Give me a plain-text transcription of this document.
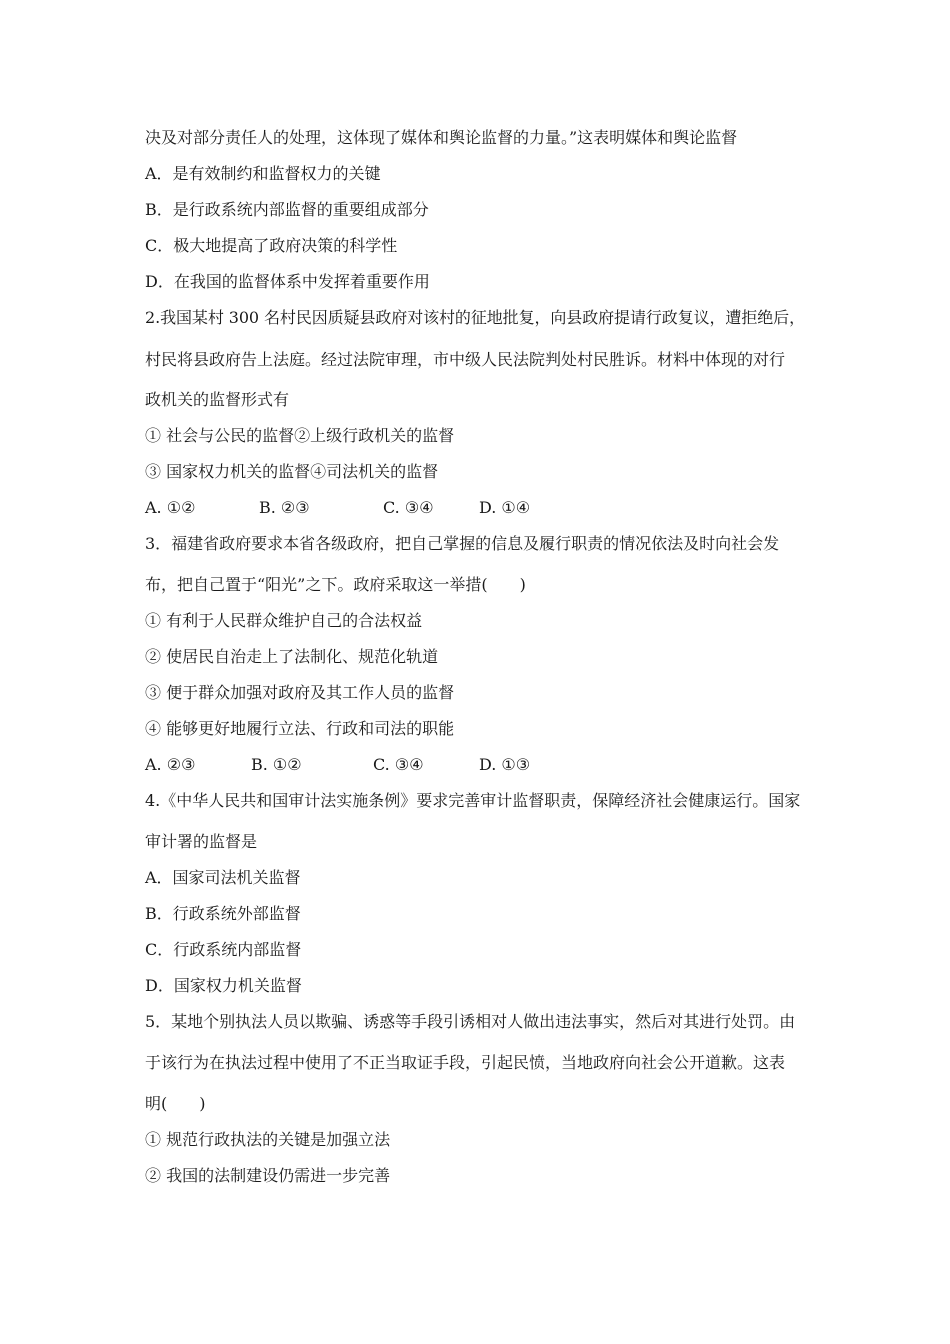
决及对部分责任人的处理，这体现了媒体和舆论监督的力量。”这表明媒体和舆论监督
A．是有效制约和监督权力的关键
B．是行政系统内部监督的重要组成部分
C．极大地提高了政府决策的科学性
D．在我国的监督体系中发挥着重要作用
2.我国某村 300 名村民因质疑县政府对该村的征地批复，向县政府提请行政复议，遭拒绝后，
村民将县政府告上法庭。经过法院审理，市中级人民法院判处村民胜诉。材料中体现的对行
政机关的监督形式有
① 社会与公民的监督②上级行政机关的监督
③ 国家权力机关的监督④司法机关的监督
A. ①②	B. ②③	C. ③④	D. ①④
3．福建省政府要求本省各级政府，把自己掌握的信息及履行职责的情况依法及时向社会发
布，把自己置于“阳光”之下。政府采取这一举措(　　)
① 有利于人民群众维护自己的合法权益
② 使居民自治走上了法制化、规范化轨道
③ 便于群众加强对政府及其工作人员的监督
④ 能够更好地履行立法、行政和司法的职能
A. ②③	B. ①②	C. ③④	D. ①③
4.《中华人民共和国审计法实施条例》要求完善审计监督职责，保障经济社会健康运行。国家
审计署的监督是
A．国家司法机关监督
B．行政系统外部监督
C．行政系统内部监督
D．国家权力机关监督
5．某地个别执法人员以欺骗、诱惑等手段引诱相对人做出违法事实，然后对其进行处罚。由
于该行为在执法过程中使用了不正当取证手段，引起民愤，当地政府向社会公开道歉。这表
明(　　)
① 规范行政执法的关键是加强立法
② 我国的法制建设仍需进一步完善
